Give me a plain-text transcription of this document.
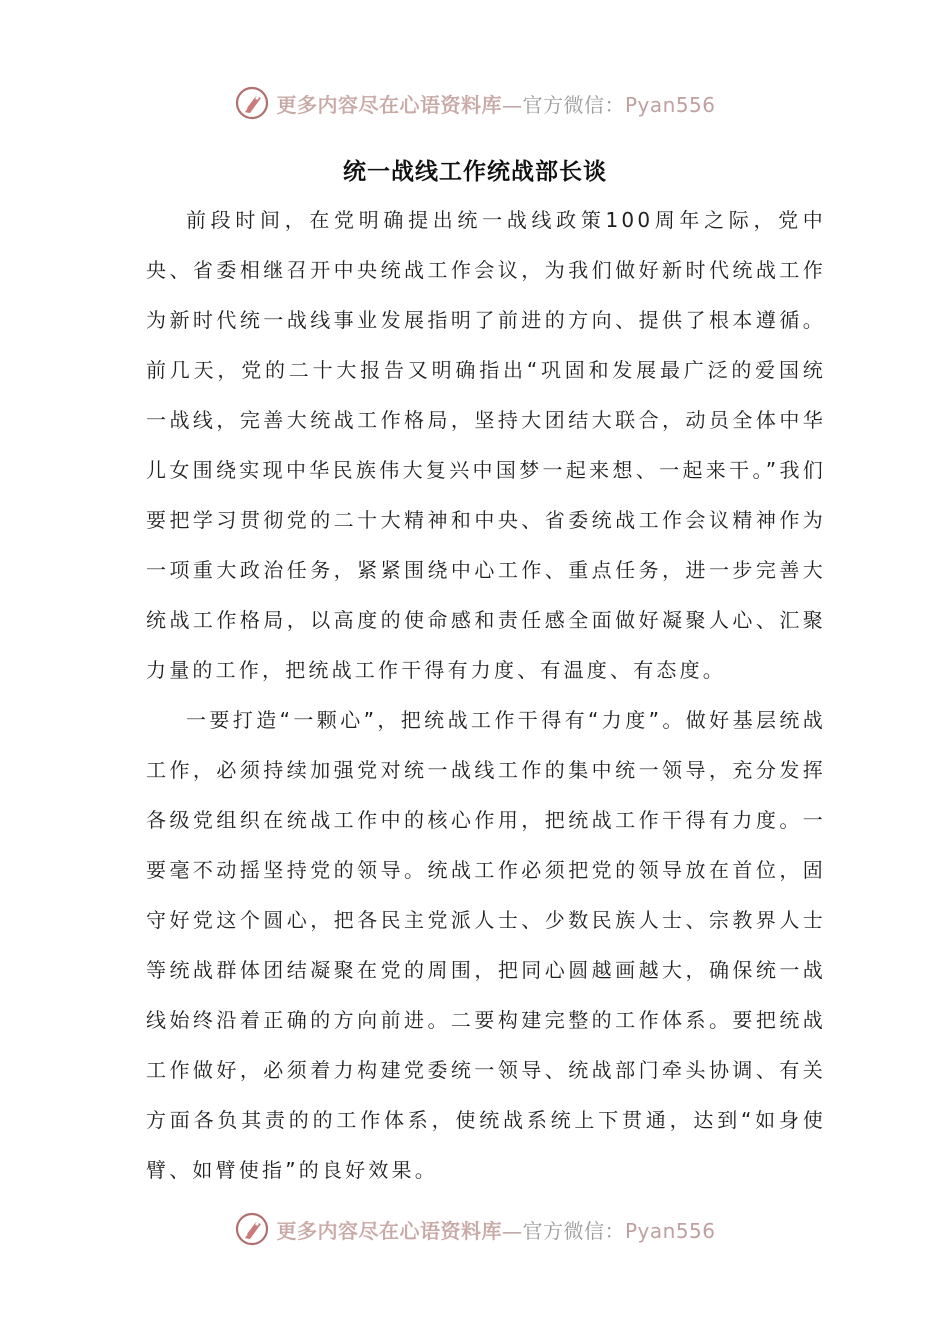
更多内容尽在心语资料库—官方微信：Pyan556
统一战线工作统战部长谈

前段时间，在党明确提出统一战线政策100周年之际，党中央、省委相继召开中央统战工作会议，为我们做好新时代统战工作为新时代统一战线事业发展指明了前进的方向、提供了根本遵循。前几天，党的二十大报告又明确指出“巩固和发展最广泛的爱国统一战线，完善大统战工作格局，坚持大团结大联合，动员全体中华儿女围绕实现中华民族伟大复兴中国梦一起来想、一起来干。”我们要把学习贯彻党的二十大精神和中央、省委统战工作会议精神作为一项重大政治任务，紧紧围绕中心工作、重点任务，进一步完善大统战工作格局，以高度的使命感和责任感全面做好凝聚人心、汇聚力量的工作，把统战工作干得有力度、有温度、有态度。

一要打造“一颗心”，把统战工作干得有“力度”。做好基层统战工作，必须持续加强党对统一战线工作的集中统一领导，充分发挥各级党组织在统战工作中的核心作用，把统战工作干得有力度。一要毫不动摇坚持党的领导。统战工作必须把党的领导放在首位，固守好党这个圆心，把各民主党派人士、少数民族人士、宗教界人士等统战群体团结凝聚在党的周围，把同心圆越画越大，确保统一战线始终沿着正确的方向前进。二要构建完整的工作体系。要把统战工作做好，必须着力构建党委统一领导、统战部门牵头协调、有关方面各负其责的的工作体系，使统战系统上下贯通，达到“如身使臂、如臂使指”的良好效果。

更多内容尽在心语资料库—官方微信：Pyan556
